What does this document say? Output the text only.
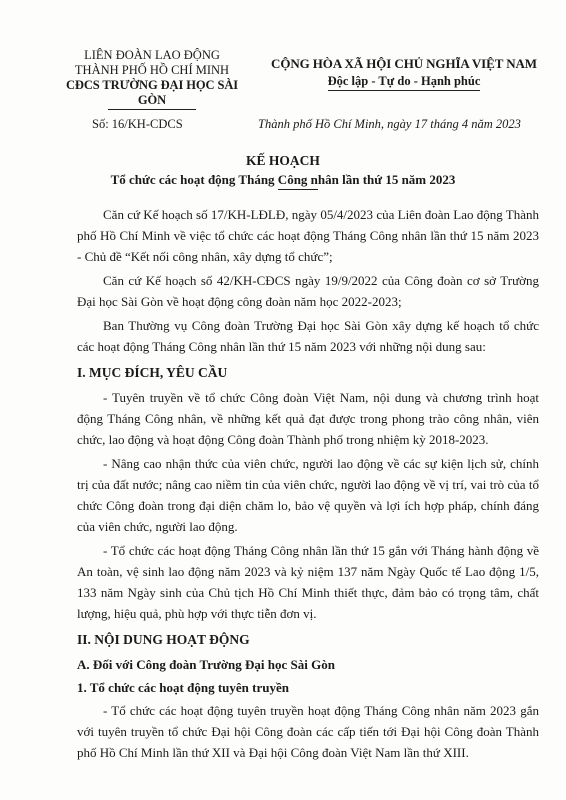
LIÊN ĐOÀN LAO ĐỘNG
THÀNH PHỐ HỒ CHÍ MINH
CĐCS TRƯỜNG ĐẠI HỌC SÀI GÒN
CỘNG HÒA XÃ HỘI CHỦ NGHĨA VIỆT NAM
Độc lập - Tự do - Hạnh phúc
Số: 16/KH-CDCS	Thành phố Hồ Chí Minh, ngày 17 tháng 4 năm 2023
KẾ HOẠCH
Tổ chức các hoạt động Tháng Công nhân lần thứ 15 năm 2023

Căn cứ Kế hoạch số 17/KH-LĐLĐ, ngày 05/4/2023 của Liên đoàn Lao động Thành phố Hồ Chí Minh về việc tổ chức các hoạt động Tháng Công nhân lần thứ 15 năm 2023 - Chủ đề “Kết nối công nhân, xây dựng tổ chức”;

Căn cứ Kế hoạch số 42/KH-CĐCS ngày 19/9/2022 của Công đoàn cơ sở Trường Đại học Sài Gòn về hoạt động công đoàn năm học 2022-2023;

Ban Thường vụ Công đoàn Trường Đại học Sài Gòn xây dựng kế hoạch tổ chức các hoạt động Tháng Công nhân lần thứ 15 năm 2023 với những nội dung sau:

I. MỤC ĐÍCH, YÊU CẦU

- Tuyên truyền về tổ chức Công đoàn Việt Nam, nội dung và chương trình hoạt động Tháng Công nhân, về những kết quả đạt được trong phong trào công nhân, viên chức, lao động và hoạt động Công đoàn Thành phố trong nhiệm kỳ 2018-2023.

- Nâng cao nhận thức của viên chức, người lao động về các sự kiện lịch sử, chính trị của đất nước; nâng cao niềm tin của viên chức, người lao động về vị trí, vai trò của tổ chức Công đoàn trong đại diện chăm lo, bảo vệ quyền và lợi ích hợp pháp, chính đáng của viên chức, người lao động.

- Tổ chức các hoạt động Tháng Công nhân lần thứ 15 gắn với Tháng hành động về An toàn, vệ sinh lao động năm 2023 và kỷ niệm 137 năm Ngày Quốc tế Lao động 1/5, 133 năm Ngày sinh của Chủ tịch Hồ Chí Minh thiết thực, đảm bảo có trọng tâm, chất lượng, hiệu quả, phù hợp với thực tiễn đơn vị.

II. NỘI DUNG HOẠT ĐỘNG
A. Đối với Công đoàn Trường Đại học Sài Gòn
1. Tổ chức các hoạt động tuyên truyền

- Tổ chức các hoạt động tuyên truyền hoạt động Tháng Công nhân năm 2023 gắn với tuyên truyền tổ chức Đại hội Công đoàn các cấp tiến tới Đại hội Công đoàn Thành phố Hồ Chí Minh lần thứ XII và Đại hội Công đoàn Việt Nam lần thứ XIII.
